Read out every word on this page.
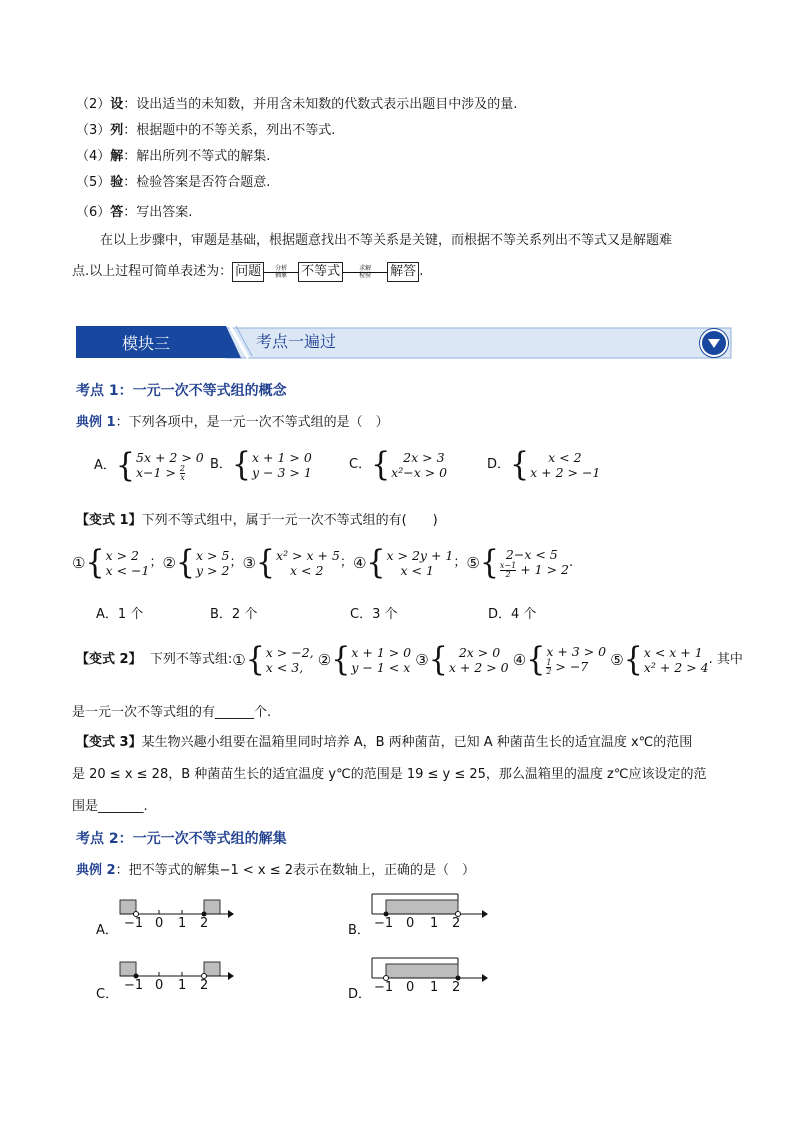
（2）设：设出适当的未知数，并用含未知数的代数式表示出题目中涉及的量.
（3）列：根据题中的不等关系，列出不等式.
（4）解：解出所列不等式的解集.
（5）验：检验答案是否符合题意.
（6）答：写出答案.
在以上步骤中，审题是基础，根据题意找出不等关系是关键，而根据不等关系列出不等式又是解题难
点.以上过程可简单表述为： 问题	分析
抽象 不等式	求解
检验 解答 .
模块三	考点一遍过
考点 1：一元一次不等式组的概念
典例 1：下列各项中，是一元一次不等式组的是（　）
A． { 5x + 2 > 0
$x-1 > \frac{2}{x}$
B． { x + 1 > 0
y − 3 > 1
C． {	2x > 3
x²−x > 0
D． {	x < 2
x + 2 > −1
【变式 1】下列不等式组中，属于一元一次不等式组的有(　　)
① { x > 2
x < −1
； ② { x > 5
y > 2
； ③ { x² > x + 5
x < 2
； ④ { x > 2y + 1
x < 1
； ⑤ { 2−x < 5
$\frac{x-1}{2} + 1 > 2$ .
A．1 个	B．2 个	C．3 个	D．4 个
【变式 2】
下列不等式组: ① { x > −2,
x < 3,
② { x + 1 > 0
y − 1 < x
③ { 2x > 0
x + 2 > 0
④ { x + 3 > 0
$\frac{1}{2} > -7$
	⑤ { x < x + 1
x² + 2 > 4
. 其中
是一元一次不等式组的有______个.
【变式 3】某生物兴趣小组要在温箱里同时培养 A，B 两种菌苗，已知 A 种菌苗生长的适宜温度 x℃的范围
是 20 ≤ x ≤ 28，B 种菌苗生长的适宜温度 y℃的范围是 19 ≤ y ≤ 25，那么温箱里的温度 z℃应该设定的范
围是_______.
考点 2：一元一次不等式组的解集
典例 2：把不等式的解集−1 < x ≤ 2表示在数轴上，正确的是（　）
A． −1 0 1 2	B． −1 0 1 2
C．
−1 0 1 2
D． −1 0 1 2
